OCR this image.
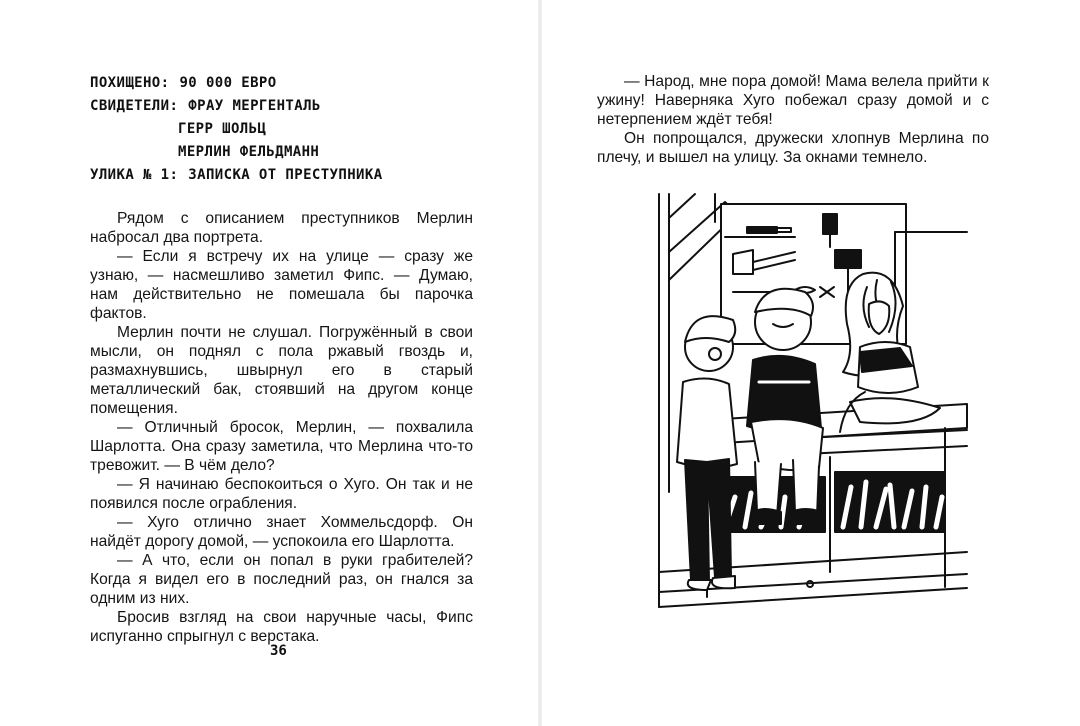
ПОХИЩЕНО: 90 000 ЕВРО
СВИДЕТЕЛИ: ФРАУ МЕРГЕНТАЛЬ
ГЕРР ШОЛЬЦ
МЕРЛИН ФЕЛЬДМАНН
УЛИКА № 1: ЗАПИСКА ОТ ПРЕСТУПНИКА

Рядом с описанием преступников Мерлин набросал два портрета.

— Если я встречу их на улице — сразу же узнаю, — насмешливо заметил Фипс. — Думаю, нам действительно не помешала бы парочка фактов.

Мерлин почти не слушал. Погружённый в свои мысли, он поднял с пола ржавый гвоздь и, размахнувшись, швырнул его в старый металлический бак, стоявший на другом конце помещения.

— Отличный бросок, Мерлин, — похвалила Шарлотта. Она сразу заметила, что Мерлина что-то тревожит. — В чём дело?

— Я начинаю беспокоиться о Хуго. Он так и не появился после ограбления.

— Хуго отлично знает Хоммельсдорф. Он найдёт дорогу домой, — успокоила его Шарлотта.

— А что, если он попал в руки грабителей? Когда я видел его в последний раз, он гнался за одним из них.

Бросив взгляд на свои наручные часы, Фипс испуганно спрыгнул с верстака.

36

— Народ, мне пора домой! Мама велела прийти к ужину! Наверняка Хуго побежал сразу домой и с нетерпением ждёт тебя!

Он попрощался, дружески хлопнув Мерлина по плечу, и вышел на улицу. За окнами темнело.
